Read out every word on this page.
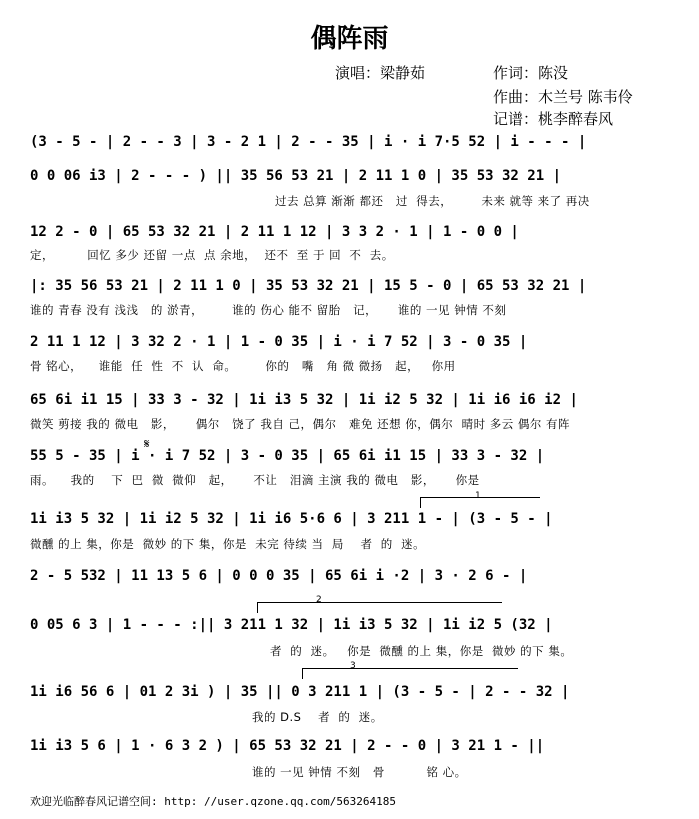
偶阵雨
演唱：梁静茹	作词：陈没
作曲：木兰号 陈韦伶
记谱：桃李醉春风
(3 - 5 - | 2 - - 3 | 3 - 2 1 | 2 - - 35 | i · i 7·5 52 | i - - - |
0 0 06 i3 | 2 - - - ) || 35 56 53 21 | 2 11 1 0 | 35 53 32 21 |
过去 总算 渐渐 都还   过  得去，       未来 就等 来了 再决
12 2 - 0 | 65 53 32 21 | 2 11 1 12 | 3 3 2 · 1 | 1 - 0 0 |
定，        回忆 多少 还留 一点  点 余地，  还不  至 于 回  不  去。
|: 35 56 53 21 | 2 11 1 0 | 35 53 32 21 | 15 5 - 0 | 65 53 32 21 |
谁的 青春 没有 浅浅   的 淤青，       谁的 伤心 能不 留胎   记，     谁的 一见 钟情 不刻
2 11 1 12 | 3 32 2 · 1 | 1 - 0 35 | i · i 7 52 | 3 - 0 35 |
骨 铭心，    谁能  任  性  不  认  命。       你的   嘴   角 微 微扬   起，   你用
65 6i i1 15 | 33 3 - 32 | 1i i3 5 32 | 1i i2 5 32 | 1i i6 i6 i2 |
微笑 剪接 我的 微电   影，     偶尔   饶了 我自 己，偶尔   难免 还想 你，偶尔  晴时 多云 偶尔 有阵
𝄋
55 5 - 35 | i · i 7 52 | 3 - 0 35 | 65 6i i1 15 | 33 3 - 32 |
雨。    我的    下  巴  微  微仰   起，     不让   泪滴 主演 我的 微电   影，     你是
1
1i i3 5 32 | 1i i2 5 32 | 1i i6 5·6 6 | 3 211 1 - | (3 - 5 - |
微醺 的上 集，你是  微妙 的下 集，你是  未完 待续 当  局    者  的  迷。
2 - 5 532 | 11 13 5 6 | 0 0 0 35 | 65 6i i ·2 | 3 · 2 6 - |
2
0 05 6 3 | 1 - - - :|| 3 211 1 32 | 1i i3 5 32 | 1i i2 5 (32 |
者  的  迷。   你是  微醺 的上 集，你是  微妙 的下 集。
3
1i i6 56 6 | 01 2 3i ) | 35 || 0 3 211 1 | (3 - 5 - | 2 - - 32 |
我的 D.S    者  的  迷。
1i i3 5 6 | 1 · 6 3 2 ) | 65 53 32 21 | 2 - - 0 | 3 21 1 - ||
谁的 一见 钟情 不刻   骨          铭 心。
欢迎光临醉春风记谱空间: http: //user.qzone.qq.com/563264185
